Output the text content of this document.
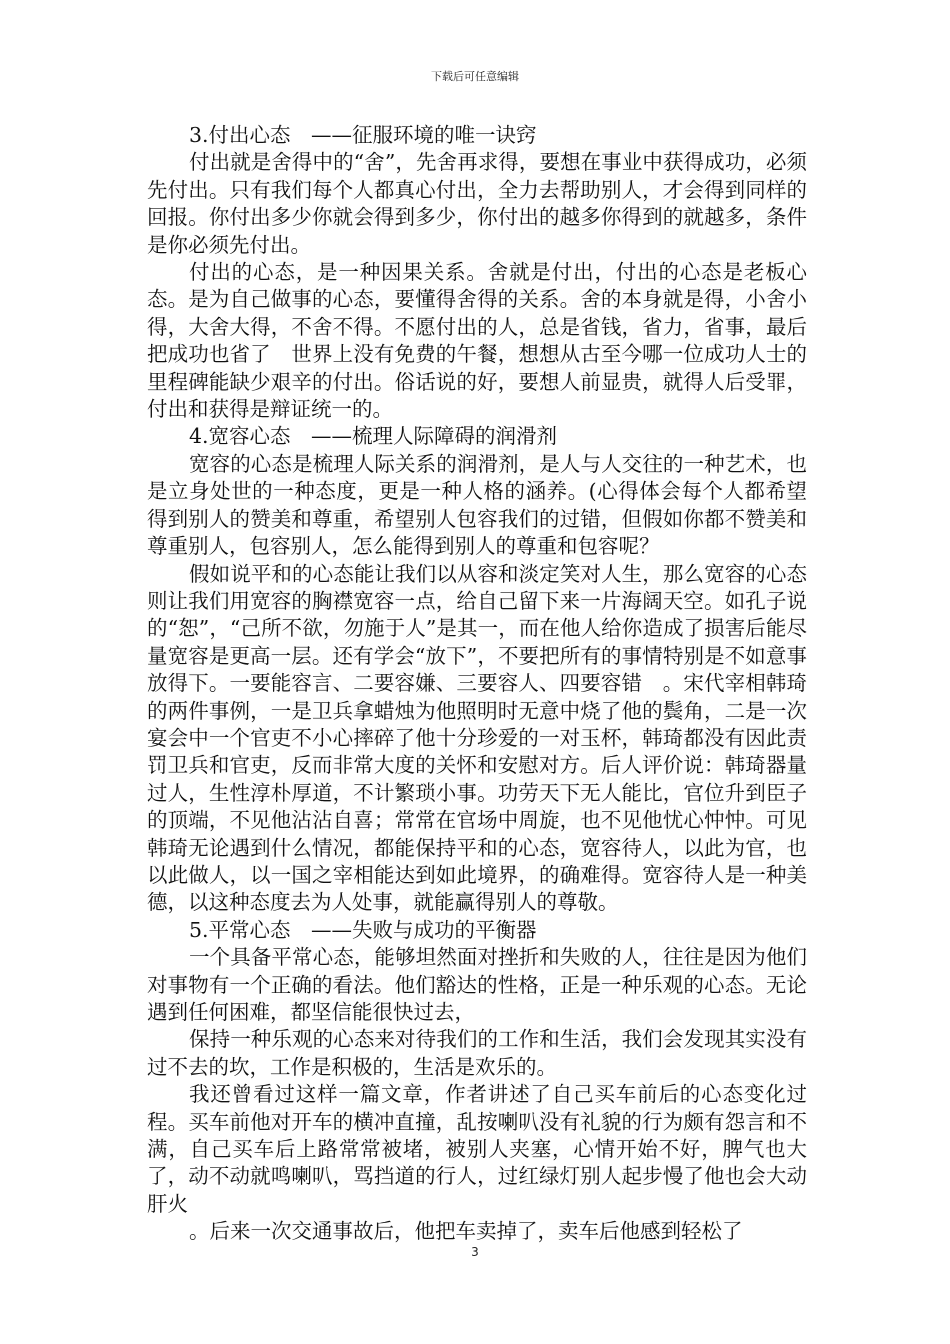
下载后可任意编辑

3.付出心态　——征服环境的唯一诀窍

付出就是舍得中的“舍”，先舍再求得，要想在事业中获得成功，必须先付出。只有我们每个人都真心付出，全力去帮助别人，才会得到同样的回报。你付出多少你就会得到多少，你付出的越多你得到的就越多，条件是你必须先付出。

付出的心态，是一种因果关系。舍就是付出，付出的心态是老板心态。是为自己做事的心态，要懂得舍得的关系。舍的本身就是得，小舍小得，大舍大得，不舍不得。不愿付出的人，总是省钱，省力，省事，最后把成功也省了　世界上没有免费的午餐，想想从古至今哪一位成功人士的里程碑能缺少艰辛的付出。俗话说的好，要想人前显贵，就得人后受罪，付出和获得是辩证统一的。

4.宽容心态　——梳理人际障碍的润滑剂

宽容的心态是梳理人际关系的润滑剂，是人与人交往的一种艺术，也是立身处世的一种态度，更是一种人格的涵养。(心得体会每个人都希望得到别人的赞美和尊重，希望别人包容我们的过错，但假如你都不赞美和尊重别人，包容别人，怎么能得到别人的尊重和包容呢？

假如说平和的心态能让我们以从容和淡定笑对人生，那么宽容的心态则让我们用宽容的胸襟宽容一点，给自己留下来一片海阔天空。如孔子说的“恕”，“己所不欲，勿施于人”是其一，而在他人给你造成了损害后能尽量宽容是更高一层。还有学会“放下”，不要把所有的事情特别是不如意事放得下。一要能容言、二要容嫌、三要容人、四要容错　。宋代宰相韩琦的两件事例，一是卫兵拿蜡烛为他照明时无意中烧了他的鬓角，二是一次宴会中一个官吏不小心摔碎了他十分珍爱的一对玉杯，韩琦都没有因此责罚卫兵和官吏，反而非常大度的关怀和安慰对方。后人评价说：韩琦器量过人，生性淳朴厚道，不计繁琐小事。功劳天下无人能比，官位升到臣子的顶端，不见他沾沾自喜；常常在官场中周旋，也不见他忧心忡忡。可见韩琦无论遇到什么情况，都能保持平和的心态，宽容待人，以此为官，也以此做人，以一国之宰相能达到如此境界，的确难得。宽容待人是一种美德，以这种态度去为人处事，就能赢得别人的尊敬。

5.平常心态　——失败与成功的平衡器

一个具备平常心态，能够坦然面对挫折和失败的人，往往是因为他们对事物有一个正确的看法。他们豁达的性格，正是一种乐观的心态。无论遇到任何困难，都坚信能很快过去，

保持一种乐观的心态来对待我们的工作和生活，我们会发现其实没有过不去的坎，工作是积极的，生活是欢乐的。

我还曾看过这样一篇文章，作者讲述了自己买车前后的心态变化过程。买车前他对开车的横冲直撞，乱按喇叭没有礼貌的行为颇有怨言和不满，自己买车后上路常常被堵，被别人夹塞，心情开始不好，脾气也大了，动不动就鸣喇叭，骂挡道的行人，过红绿灯别人起步慢了他也会大动肝火

。后来一次交通事故后，他把车卖掉了，卖车后他感到轻松了

3
